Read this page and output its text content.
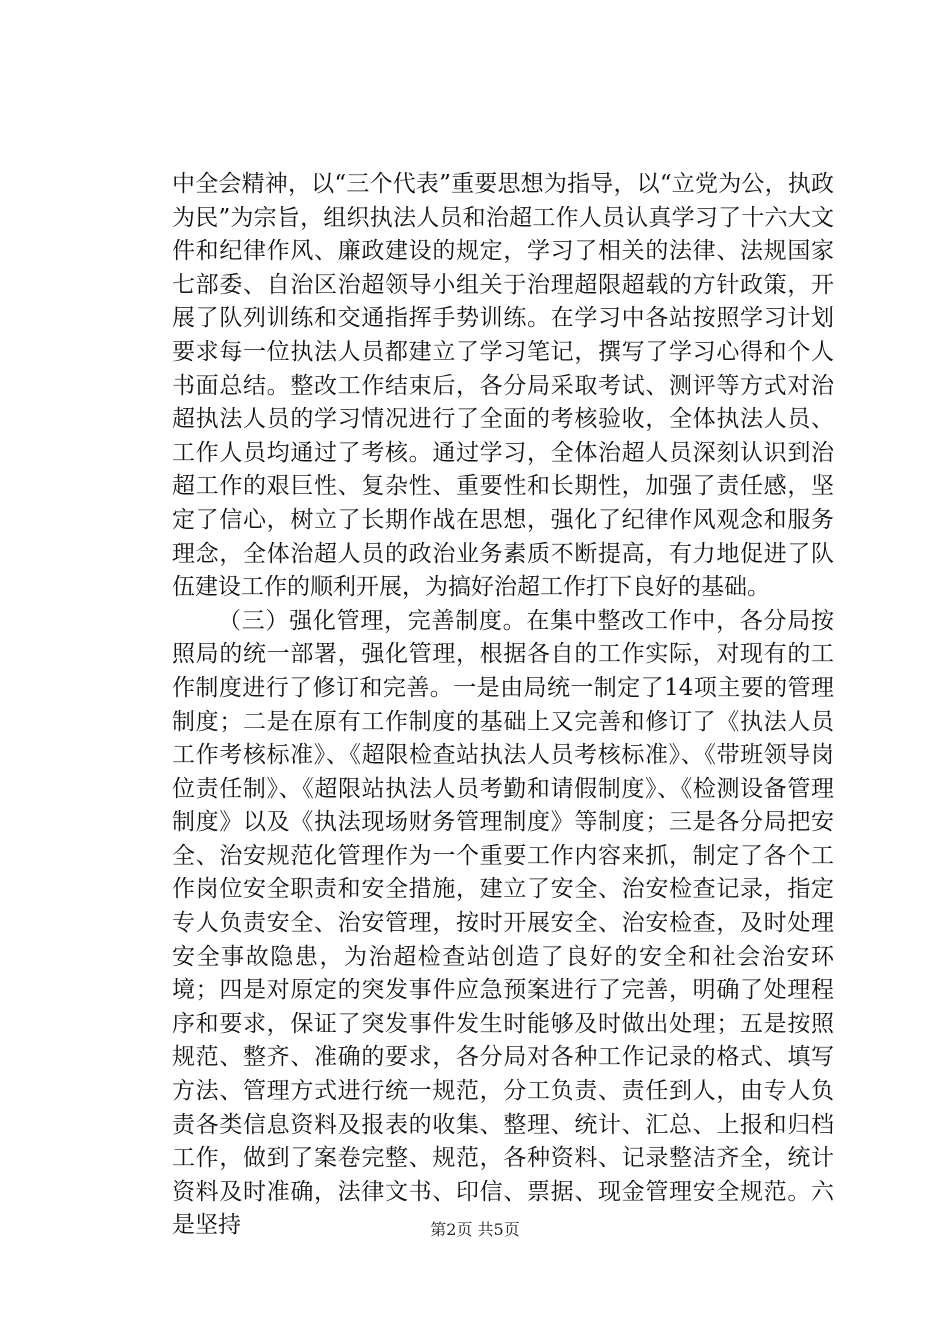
中全会精神，以“三个代表”重要思想为指导，以“立党为公，执政为民”为宗旨，组织执法人员和治超工作人员认真学习了十六大文件和纪律作风、廉政建设的规定，学习了相关的法律、法规国家七部委、自治区治超领导小组关于治理超限超载的方针政策，开展了队列训练和交通指挥手势训练。在学习中各站按照学习计划要求每一位执法人员都建立了学习笔记，撰写了学习心得和个人书面总结。整改工作结束后，各分局采取考试、测评等方式对治超执法人员的学习情况进行了全面的考核验收，全体执法人员、工作人员均通过了考核。通过学习，全体治超人员深刻认识到治超工作的艰巨性、复杂性、重要性和长期性，加强了责任感，坚定了信心，树立了长期作战在思想，强化了纪律作风观念和服务理念，全体治超人员的政治业务素质不断提高，有力地促进了队伍建设工作的顺利开展，为搞好治超工作打下良好的基础。

（三）强化管理，完善制度。在集中整改工作中，各分局按照局的统一部署，强化管理，根据各自的工作实际，对现有的工作制度进行了修订和完善。一是由局统一制定了14项主要的管理制度；二是在原有工作制度的基础上又完善和修订了《执法人员工作考核标准》、《超限检查站执法人员考核标准》、《带班领导岗位责任制》、《超限站执法人员考勤和请假制度》、《检测设备管理制度》以及《执法现场财务管理制度》等制度；三是各分局把安全、治安规范化管理作为一个重要工作内容来抓，制定了各个工作岗位安全职责和安全措施，建立了安全、治安检查记录，指定专人负责安全、治安管理，按时开展安全、治安检查，及时处理安全事故隐患，为治超检查站创造了良好的安全和社会治安环境；四是对原定的突发事件应急预案进行了完善，明确了处理程序和要求，保证了突发事件发生时能够及时做出处理；五是按照规范、整齐、准确的要求，各分局对各种工作记录的格式、填写方法、管理方式进行统一规范，分工负责、责任到人，由专人负责各类信息资料及报表的收集、整理、统计、汇总、上报和归档工作，做到了案卷完整、规范，各种资料、记录整洁齐全，统计资料及时准确，法律文书、印信、票据、现金管理安全规范。六是坚持	第2页 共5页
